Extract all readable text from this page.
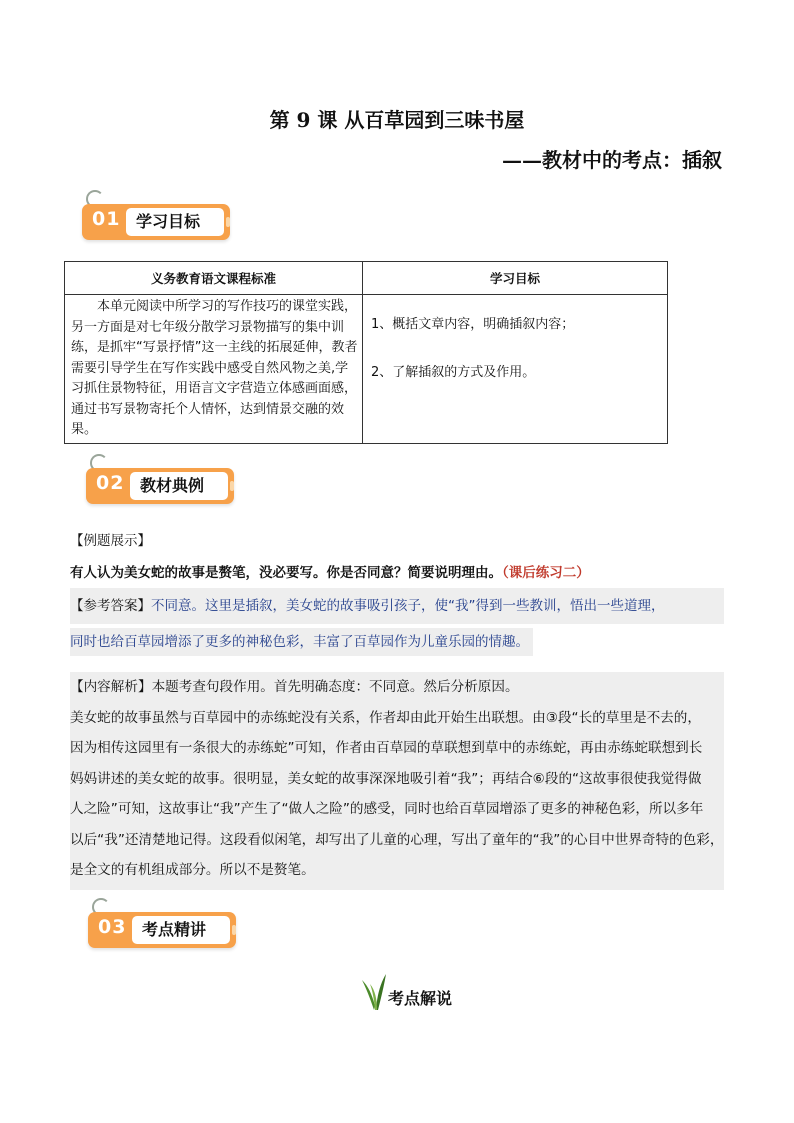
第 9 课 从百草园到三味书屋
——教材中的考点：插叙
01 学习目标
义务教育语文课程标准	学习目标
本单元阅读中所学习的写作技巧的课堂实践，另一方面是对七年级分散学习景物描写的集中训练，是抓牢“写景抒情”这一主线的拓展延伸，教者需要引导学生在写作实践中感受自然风物之美,学习抓住景物特征，用语言文字营造立体感画面感，通过书写景物寄托个人情怀，达到情景交融的效果。	1、概括文章内容，明确插叙内容；

2、了解插叙的方式及作用。

02 教材典例
【例题展示】
有人认为美女蛇的故事是赘笔，没必要写。你是否同意？简要说明理由。（课后练习二）
【参考答案】不同意。这里是插叙，美女蛇的故事吸引孩子，使“我”得到一些教训，悟出一些道理，
同时也给百草园增添了更多的神秘色彩，丰富了百草园作为儿童乐园的情趣。

【内容解析】本题考查句段作用。首先明确态度：不同意。然后分析原因。

美女蛇的故事虽然与百草园中的赤练蛇没有关系，作者却由此开始生出联想。由③段“长的草里是不去的，

因为相传这园里有一条很大的赤练蛇”可知，作者由百草园的草联想到草中的赤练蛇，再由赤练蛇联想到长

妈妈讲述的美女蛇的故事。很明显，美女蛇的故事深深地吸引着“我”；再结合⑥段的“这故事很使我觉得做

人之险”可知，这故事让“我”产生了“做人之险”的感受，同时也给百草园增添了更多的神秘色彩，所以多年

以后“我”还清楚地记得。这段看似闲笔，却写出了儿童的心理，写出了童年的“我”的心目中世界奇特的色彩，

是全文的有机组成部分。所以不是赘笔。

03 考点精讲
考点解说
